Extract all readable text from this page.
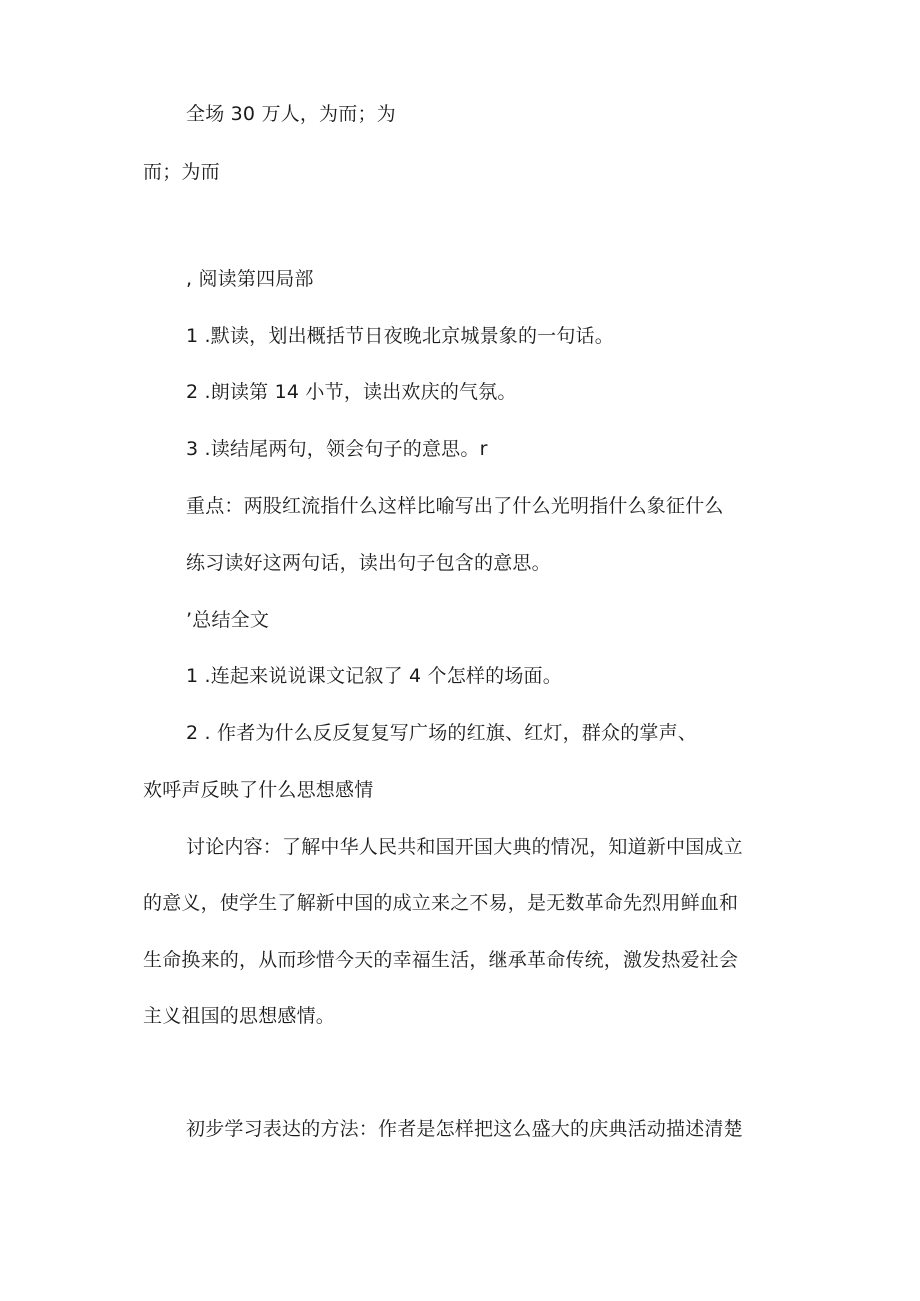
全场 30 万人，为而；为
而；为而
, 阅读第四局部
1 .默读，划出概括节日夜晚北京城景象的一句话。
2 .朗读第 14 小节，读出欢庆的气氛。
3 .读结尾两句，领会句子的意思。r
重点：两股红流指什么这样比喻写出了什么光明指什么象征什么
练习读好这两句话，读出句子包含的意思。
’总结全文
1 .连起来说说课文记叙了 4 个怎样的场面。
2 . 作者为什么反反复复写广场的红旗、红灯，群众的掌声、
欢呼声反映了什么思想感情
讨论内容：了解中华人民共和国开国大典的情况，知道新中国成立
的意义，使学生了解新中国的成立来之不易，是无数革命先烈用鲜血和
生命换来的，从而珍惜今天的幸福生活，继承革命传统，激发热爱社会
主义祖国的思想感情。
初步学习表达的方法：作者是怎样把这么盛大的庆典活动描述清楚
